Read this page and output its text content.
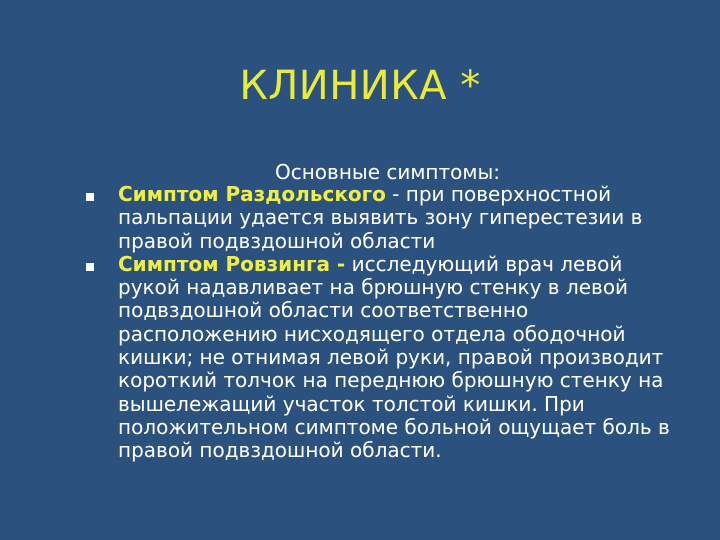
КЛИНИКА *
Основные симптомы:
Симптом Раздольского - при поверхностной пальпации удается выявить зону гиперестезии в правой подвздошной области
Симптом Ровзинга - исследующий врач левой рукой надавливает на брюшную стенку в левой подвздошной области соответственно расположению нисходящего отдела ободочной кишки; не отнимая левой руки, правой производит короткий толчок на переднюю брюшную стенку на вышележащий участок толстой кишки. При положительном симптоме больной ощущает боль в правой подвздошной области.
